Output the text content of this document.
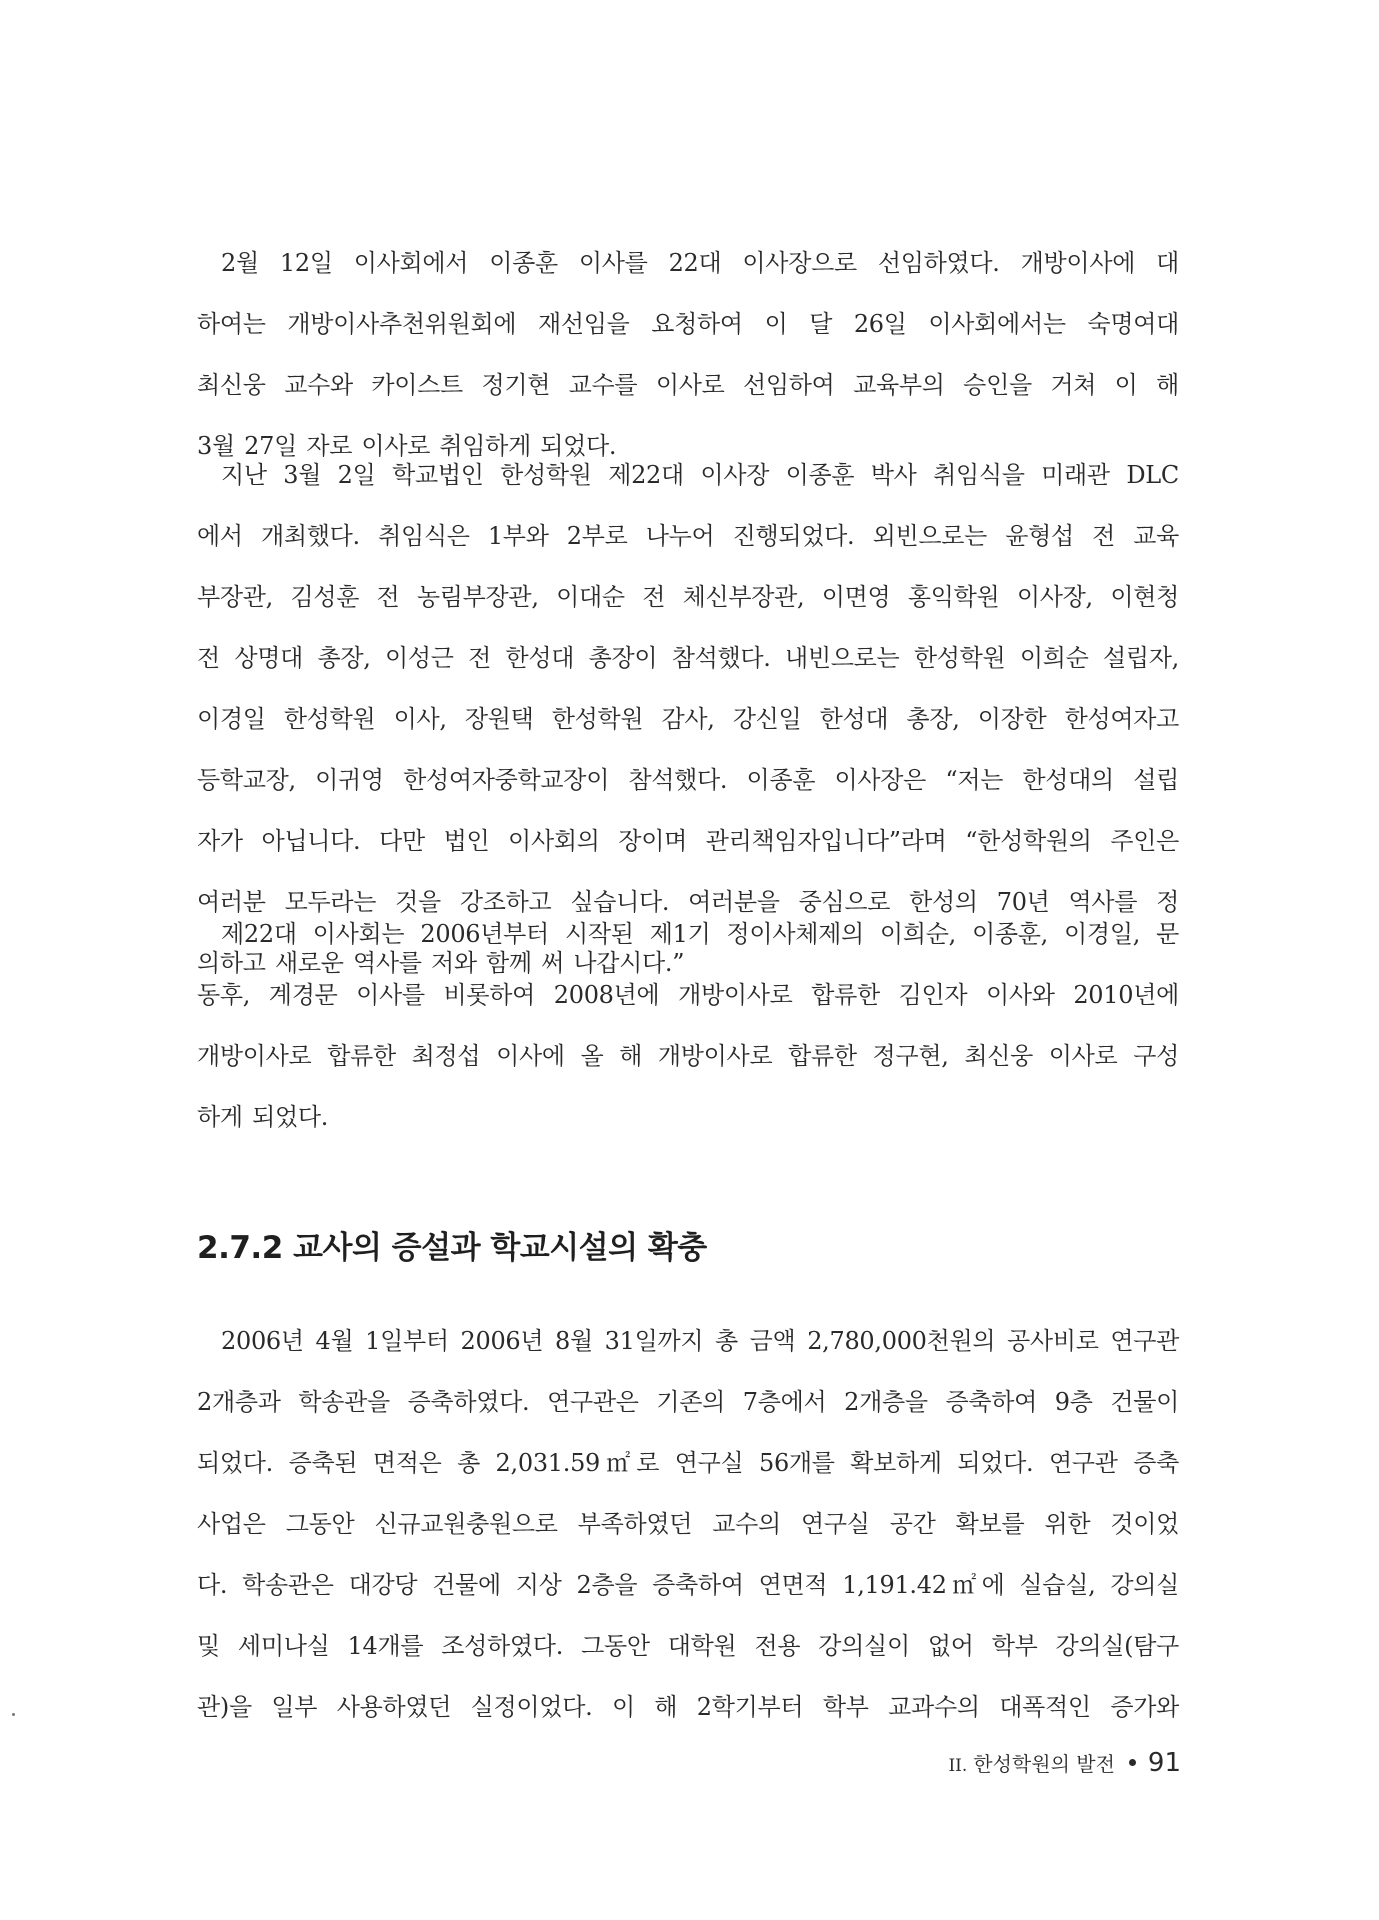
2월 12일 이사회에서 이종훈 이사를 22대 이사장으로 선임하였다. 개방이사에 대
하여는 개방이사추천위원회에 재선임을 요청하여 이 달 26일 이사회에서는 숙명여대
최신웅 교수와 카이스트 정기현 교수를 이사로 선임하여 교육부의 승인을 거쳐 이 해
3월 27일 자로 이사로 취임하게 되었다.
지난 3월 2일 학교법인 한성학원 제22대 이사장 이종훈 박사 취임식을 미래관 DLC
에서 개최했다. 취임식은 1부와 2부로 나누어 진행되었다. 외빈으로는 윤형섭 전 교육
부장관, 김성훈 전 농림부장관, 이대순 전 체신부장관, 이면영 홍익학원 이사장, 이현청
전 상명대 총장, 이성근 전 한성대 총장이 참석했다. 내빈으로는 한성학원 이희순 설립자,
이경일 한성학원 이사, 장원택 한성학원 감사, 강신일 한성대 총장, 이장한 한성여자고
등학교장, 이귀영 한성여자중학교장이 참석했다. 이종훈 이사장은 “저는 한성대의 설립
자가 아닙니다. 다만 법인 이사회의 장이며 관리책임자입니다”라며 “한성학원의 주인은
여러분 모두라는 것을 강조하고 싶습니다. 여러분을 중심으로 한성의 70년 역사를 정
의하고 새로운 역사를 저와 함께 써 나갑시다.”
제22대 이사회는 2006년부터 시작된 제1기 정이사체제의 이희순, 이종훈, 이경일, 문
동후, 계경문 이사를 비롯하여 2008년에 개방이사로 합류한 김인자 이사와 2010년에
개방이사로 합류한 최정섭 이사에 올 해 개방이사로 합류한 정구현, 최신웅 이사로 구성
하게 되었다.
2.7.2 교사의 증설과 학교시설의 확충
2006년 4월 1일부터 2006년 8월 31일까지 총 금액 2,780,000천원의 공사비로 연구관
2개층과 학송관을 증축하였다. 연구관은 기존의 7층에서 2개층을 증축하여 9층 건물이
되었다. 증축된 면적은 총 2,031.59㎡로 연구실 56개를 확보하게 되었다. 연구관 증축
사업은 그동안 신규교원충원으로 부족하였던 교수의 연구실 공간 확보를 위한 것이었
다. 학송관은 대강당 건물에 지상 2층을 증축하여 연면적 1,191.42㎡에 실습실, 강의실
및 세미나실 14개를 조성하였다. 그동안 대학원 전용 강의실이 없어 학부 강의실(탐구
관)을 일부 사용하였던 실정이었다. 이 해 2학기부터 학부 교과수의 대폭적인 증가와
II. 한성학원의 발전 91
